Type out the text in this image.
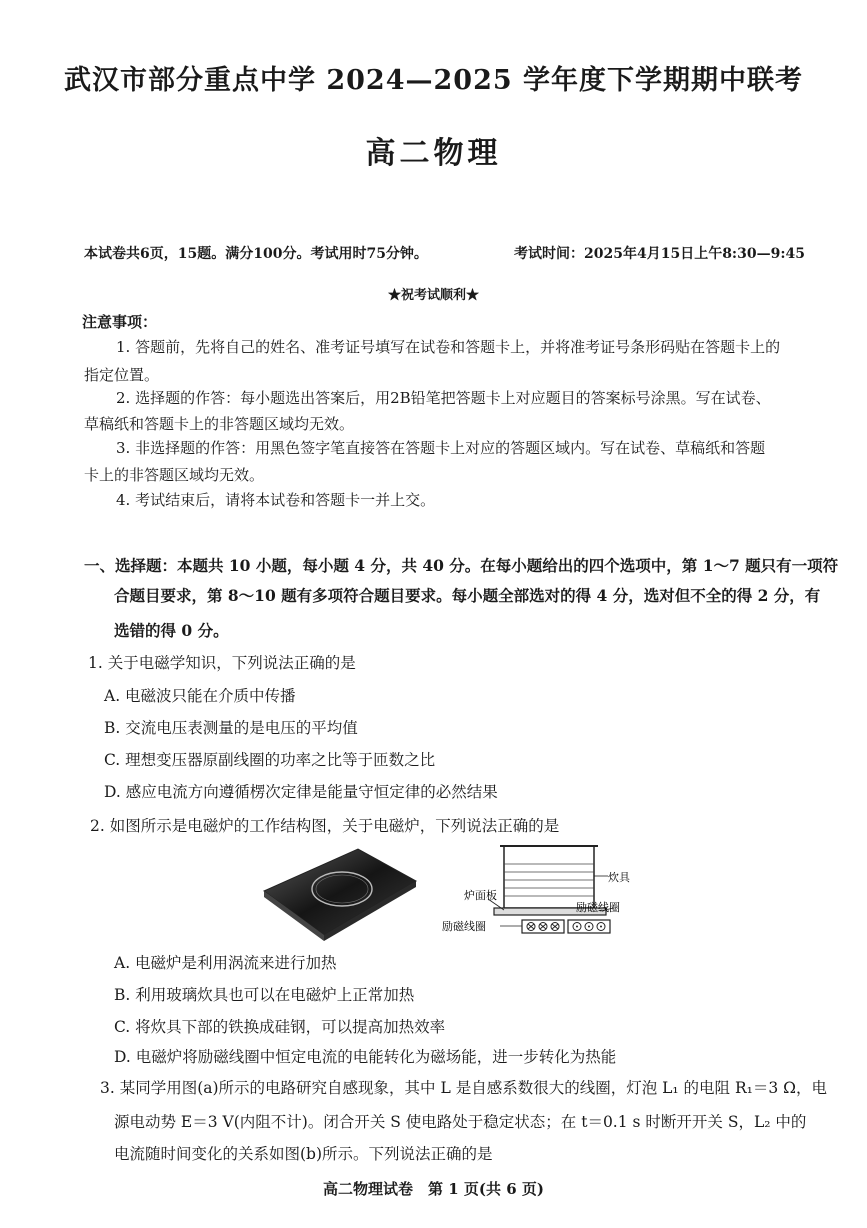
武汉市部分重点中学 2024—2025 学年度下学期期中联考
高二物理
本试卷共6页，15题。满分100分。考试用时75分钟。	考试时间：2025年4月15日上午8:30—9:45
★祝考试顺利★
注意事项：
1. 答题前，先将自己的姓名、准考证号填写在试卷和答题卡上，并将准考证号条形码贴在答题卡上的
指定位置。
2. 选择题的作答：每小题选出答案后，用2B铅笔把答题卡上对应题目的答案标号涂黑。写在试卷、
草稿纸和答题卡上的非答题区域均无效。
3. 非选择题的作答：用黑色签字笔直接答在答题卡上对应的答题区域内。写在试卷、草稿纸和答题
卡上的非答题区域均无效。
4. 考试结束后，请将本试卷和答题卡一并上交。
一、选择题：本题共 10 小题，每小题 4 分，共 40 分。在每小题给出的四个选项中，第 1～7 题只有一项符
合题目要求，第 8～10 题有多项符合题目要求。每小题全部选对的得 4 分，选对但不全的得 2 分，有
选错的得 0 分。
1. 关于电磁学知识，下列说法正确的是
A. 电磁波只能在介质中传播
B. 交流电压表测量的是电压的平均值
C. 理想变压器原副线圈的功率之比等于匝数之比
D. 感应电流方向遵循楞次定律是能量守恒定律的必然结果
2. 如图所示是电磁炉的工作结构图，关于电磁炉，下列说法正确的是
炊具
炉面板
励磁线圈
励磁线圈
A. 电磁炉是利用涡流来进行加热
B. 利用玻璃炊具也可以在电磁炉上正常加热
C. 将炊具下部的铁换成硅钢，可以提高加热效率
D. 电磁炉将励磁线圈中恒定电流的电能转化为磁场能，进一步转化为热能
3. 某同学用图(a)所示的电路研究自感现象，其中 L 是自感系数很大的线圈，灯泡 L₁ 的电阻 R₁＝3 Ω，电
源电动势 E＝3 V(内阻不计)。闭合开关 S 使电路处于稳定状态；在 t＝0.1 s 时断开开关 S，L₂ 中的
电流随时间变化的关系如图(b)所示。下列说法正确的是
高二物理试卷　第 1 页(共 6 页)
